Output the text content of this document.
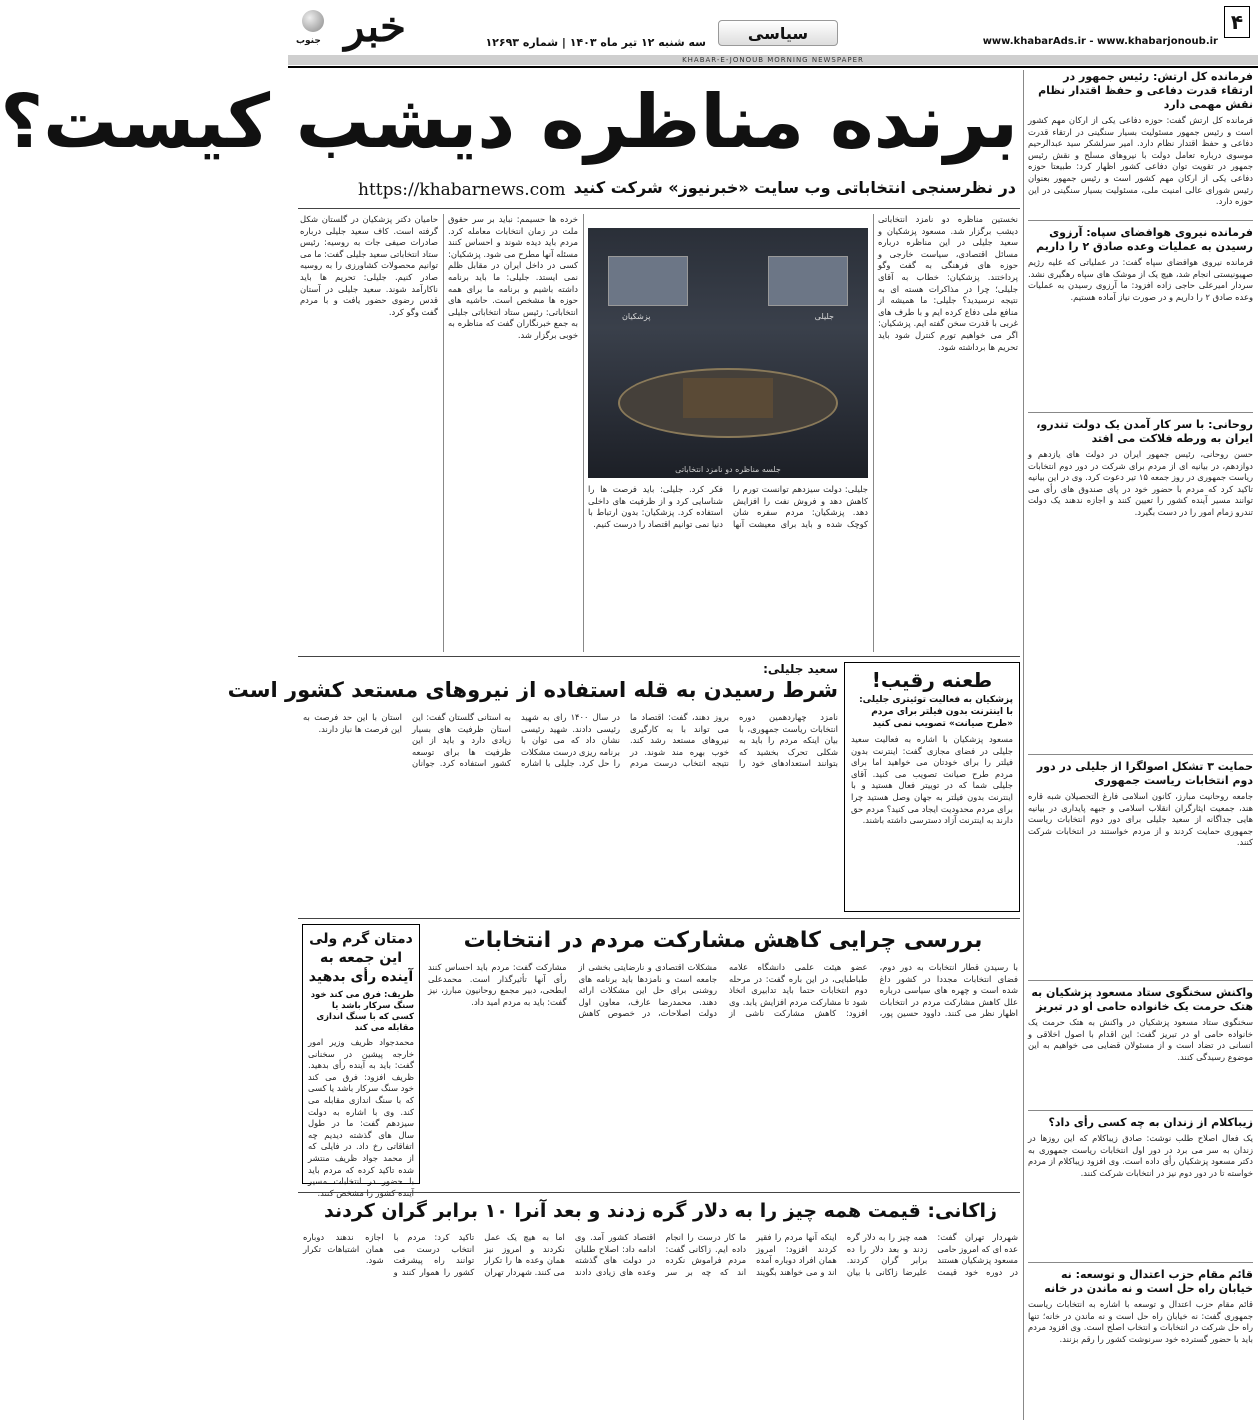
۴
www.khabarAds.ir - www.khabarjonoub.ir
سیاسی
سه شنبه ۱۲ تیر ماه ۱۴۰۳ | شماره ۱۲۶۹۳
خبر
جنوب
KHABAR-E-JONOUB MORNING NEWSPAPER
فرمانده کل ارتش: رئیس جمهور در ارتقاء قدرت دفاعی و حفظ اقتدار نظام نقش مهمی دارد
فرمانده کل ارتش گفت: حوزه دفاعی یکی از ارکان مهم کشور است و رئیس جمهور مسئولیت بسیار سنگینی در ارتقاء قدرت دفاعی و حفظ اقتدار نظام دارد. امیر سرلشکر سید عبدالرحیم موسوی درباره تعامل دولت با نیروهای مسلح و نقش رئیس جمهور در تقویت توان دفاعی کشور اظهار کرد: طبیعتا حوزه دفاعی یکی از ارکان مهم کشور است و رئیس جمهور بعنوان رئیس شورای عالی امنیت ملی، مسئولیت بسیار سنگینی در این حوزه دارد.
فرمانده نیروی هوافضای سپاه: آرزوی رسیدن به عملیات وعده صادق ۲ را داریم
فرمانده نیروی هوافضای سپاه گفت: در عملیاتی که علیه رژیم صهیونیستی انجام شد، هیچ یک از موشک های سپاه رهگیری نشد. سردار امیرعلی حاجی زاده افزود: ما آرزوی رسیدن به عملیات وعده صادق ۲ را داریم و در صورت نیاز آماده هستیم.
روحانی: با سر کار آمدن یک دولت تندرو، ایران به ورطه فلاکت می افتد
حسن روحانی، رئیس جمهور ایران در دولت های یازدهم و دوازدهم، در بیانیه ای از مردم برای شرکت در دور دوم انتخابات ریاست جمهوری در روز جمعه ۱۵ تیر دعوت کرد. وی در این بیانیه تاکید کرد که مردم با حضور خود در پای صندوق های رأی می توانند مسیر آینده کشور را تعیین کنند و اجازه ندهند یک دولت تندرو زمام امور را در دست بگیرد.
حمایت ۳ تشکل اصولگرا از جلیلی در دور دوم انتخابات ریاست جمهوری
جامعه روحانیت مبارز، کانون اسلامی فارغ التحصیلان شبه قاره هند، جمعیت ایثارگران انقلاب اسلامی و جبهه پایداری در بیانیه هایی جداگانه از سعید جلیلی برای دور دوم انتخابات ریاست جمهوری حمایت کردند و از مردم خواستند در انتخابات شرکت کنند.
واکنش سخنگوی ستاد مسعود پزشکیان به هتک حرمت یک خانواده حامی او در تبریز
سخنگوی ستاد مسعود پزشکیان در واکنش به هتک حرمت یک خانواده حامی او در تبریز گفت: این اقدام با اصول اخلاقی و انسانی در تضاد است و از مسئولان قضایی می خواهیم به این موضوع رسیدگی کنند.
زیباکلام از زندان به چه کسی رأی داد؟
یک فعال اصلاح طلب نوشت: صادق زیباکلام که این روزها در زندان به سر می برد در دور اول انتخابات ریاست جمهوری به دکتر مسعود پزشکیان رأی داده است. وی افزود زیباکلام از مردم خواسته تا در دور دوم نیز در انتخابات شرکت کنند.
قائم مقام حزب اعتدال و توسعه: نه خیابان راه حل است و نه ماندن در خانه
قائم مقام حزب اعتدال و توسعه با اشاره به انتخابات ریاست جمهوری گفت: نه خیابان راه حل است و نه ماندن در خانه؛ تنها راه حل شرکت در انتخابات و انتخاب اصلح است. وی افزود مردم باید با حضور گسترده خود سرنوشت کشور را رقم بزنند.
برنده مناظره دیشب کیست؟
در نظرسنجی انتخاباتی وب سایت «خبرنیوز» شرکت کنید
https://khabarnews.com
نخستین مناظره دو نامزد انتخاباتی دیشب برگزار شد. مسعود پزشکیان و سعید جلیلی در این مناظره درباره مسائل اقتصادی، سیاست خارجی و حوزه های فرهنگی به گفت وگو پرداختند. پزشکیان: خطاب به آقای جلیلی؛ چرا در مذاکرات هسته ای به نتیجه نرسیدید؟ جلیلی: ما همیشه از منافع ملی دفاع کرده ایم و با طرف های غربی با قدرت سخن گفته ایم. پزشکیان: اگر می خواهیم تورم کنترل شود باید تحریم ها برداشته شود.
پزشکیان	جلیلی
جلسه مناظره دو نامزد انتخاباتی
جلیلی: دولت سیزدهم توانست تورم را کاهش دهد و فروش نفت را افزایش دهد. پزشکیان: مردم سفره شان کوچک شده و باید برای معیشت آنها فکر کرد. جلیلی: باید فرصت ها را شناسایی کرد و از ظرفیت های داخلی استفاده کرد. پزشکیان: بدون ارتباط با دنیا نمی توانیم اقتصاد را درست کنیم.
خرده ها حسیمم: نباید بر سر حقوق ملت در زمان انتخابات معامله کرد. مردم باید دیده شوند و احساس کنند مسئله آنها مطرح می شود. پزشکیان: کسی در داخل ایران در مقابل ظلم نمی ایستد. جلیلی: ما باید برنامه داشته باشیم و برنامه ما برای همه حوزه ها مشخص است. حاشیه های انتخاباتی: رئیس ستاد انتخاباتی جلیلی به جمع خبرنگاران گفت که مناظره به خوبی برگزار شد.
حامیان دکتر پزشکیان در گلستان شکل گرفته است. کاف سعید جلیلی درباره صادرات صیفی جات به روسیه: رئیس ستاد انتخاباتی سعید جلیلی گفت: ما می توانیم محصولات کشاورزی را به روسیه صادر کنیم. جلیلی: تحریم ها باید ناکارآمد شوند. سعید جلیلی در آستان قدس رضوی حضور یافت و با مردم گفت وگو کرد.
سعید جلیلی:
شرط رسیدن به قله استفاده از نیروهای مستعد کشور است
نامزد چهاردهمین دوره انتخابات ریاست جمهوری، با بیان اینکه مردم را باید به شکلی تحرک بخشید که بتوانند استعدادهای خود را بروز دهند، گفت: اقتصاد ما می تواند با به کارگیری نیروهای مستعد رشد کند. خوب بهره مند شوند. در نتیجه انتخاب درست مردم در سال ۱۴۰۰ رای به شهید رئیسی دادند. شهید رئیسی نشان داد که می توان با برنامه ریزی درست مشکلات را حل کرد. جلیلی با اشاره به استانی گلستان گفت: این استان ظرفیت های بسیار زیادی دارد و باید از این ظرفیت ها برای توسعه کشور استفاده کرد. جوانان استان با این حد فرصت به این فرصت ها نیاز دارند.
طعنه رقیب!
پزشکیان به فعالیت توئیتری جلیلی: با اینترنت بدون فیلتر برای مردم «طرح صیانت» تصویب نمی کنید
مسعود پزشکیان با اشاره به فعالیت سعید جلیلی در فضای مجازی گفت: اینترنت بدون فیلتر را برای خودتان می خواهید اما برای مردم طرح صیانت تصویب می کنید. آقای جلیلی شما که در توییتر فعال هستید و با اینترنت بدون فیلتر به جهان وصل هستید چرا برای مردم محدودیت ایجاد می کنید؟ مردم حق دارند به اینترنت آزاد دسترسی داشته باشند.
بررسی چرایی کاهش مشارکت مردم در انتخابات
با رسیدن قطار انتخابات به دور دوم، فضای انتخابات مجددا در کشور داغ شده است و چهره های سیاسی درباره علل کاهش مشارکت مردم در انتخابات اظهار نظر می کنند. داوود حسین پور، عضو هیئت علمی دانشگاه علامه طباطبایی، در این باره گفت: در مرحله دوم انتخابات حتما باید تدابیری اتخاذ شود تا مشارکت مردم افزایش یابد. وی افزود: کاهش مشارکت ناشی از مشکلات اقتصادی و نارضایتی بخشی از جامعه است و نامزدها باید برنامه های روشنی برای حل این مشکلات ارائه دهند. محمدرضا عارف، معاون اول دولت اصلاحات، در خصوص کاهش مشارکت گفت: مردم باید احساس کنند رأی آنها تأثیرگذار است. محمدعلی ابطحی، دبیر مجمع روحانیون مبارز، نیز گفت: باید به مردم امید داد.
دمتان گرم ولی این جمعه به آینده رأی بدهید
ظریف: فرق می کند خود سنگ سرکار باشد یا کسی که با سنگ اندازی مقابله می کند
محمدجواد ظریف وزیر امور خارجه پیشین در سخنانی گفت: باید به آینده رأی بدهید. ظریف افزود: فرق می کند خود سنگ سرکار باشد یا کسی که با سنگ اندازی مقابله می کند. وی با اشاره به دولت سیزدهم گفت: ما در طول سال های گذشته دیدیم چه اتفاقاتی رخ داد. در فایلی که از محمد جواد ظریف منتشر شده تاکید کرده که مردم باید با حضور در انتخابات مسیر
زاکانی: قیمت همه چیز را به دلار گره زدند و بعد آنرا ۱۰ برابر گران کردند
شهردار تهران گفت: عده ای که امروز حامی مسعود پزشکیان هستند در دوره خود قیمت همه چیز را به دلار گره زدند و بعد دلار را ده برابر گران کردند. علیرضا زاکانی با بیان اینکه آنها مردم را فقیر کردند افزود: امروز همان افراد دوباره آمده اند و می خواهند بگویند ما کار درست را انجام داده ایم. زاکانی گفت: مردم فراموش نکرده اند که چه بر سر اقتصاد کشور آمد. وی ادامه داد: اصلاح طلبان در دولت های گذشته وعده های زیادی دادند اما به هیچ یک عمل نکردند و امروز نیز همان وعده ها را تکرار می کنند. شهردار تهران تاکید کرد: مردم با انتخاب درست می توانند راه پیشرفت کشور را هموار کنند و اجازه ندهند دوباره همان اشتباهات تکرار شود.
